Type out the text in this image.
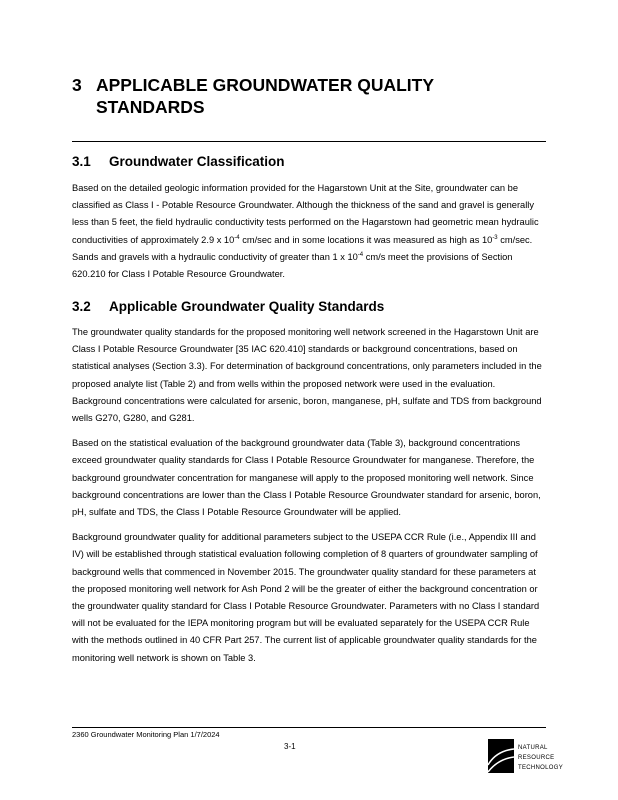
3 APPLICABLE GROUNDWATER QUALITY
STANDARDS
3.1 Groundwater Classification

Based on the detailed geologic information provided for the Hagarstown Unit at the Site, groundwater can be classified as Class I - Potable Resource Groundwater. Although the thickness of the sand and gravel is generally less than 5 feet, the field hydraulic conductivity tests performed on the Hagarstown had geometric mean hydraulic conductivities of approximately 2.9 x $10^{-4}$ cm/sec and in some locations it was measured as high as $10^{-3}$ cm/sec. Sands and gravels with a hydraulic conductivity of greater than 1 x $10^{-4}$ cm/s meet the provisions of Section 620.210 for Class I Potable Resource Groundwater.

3.2 Applicable Groundwater Quality Standards

The groundwater quality standards for the proposed monitoring well network screened in the Hagarstown Unit are Class I Potable Resource Groundwater [35 IAC 620.410] standards or background concentrations, based on statistical analyses (Section 3.3). For determination of background concentrations, only parameters included in the proposed analyte list (Table 2) and from wells within the proposed network were used in the evaluation. Background concentrations were calculated for arsenic, boron, manganese, pH, sulfate and TDS from background wells G270, G280, and G281.

Based on the statistical evaluation of the background groundwater data (Table 3), background concentrations exceed groundwater quality standards for Class I Potable Resource Groundwater for manganese. Therefore, the background groundwater concentration for manganese will apply to the proposed monitoring well network. Since background concentrations are lower than the Class I Potable Resource Groundwater standard for arsenic, boron, pH, sulfate and TDS, the Class I Potable Resource Groundwater will be applied.

Background groundwater quality for additional parameters subject to the USEPA CCR Rule (i.e., Appendix III and IV) will be established through statistical evaluation following completion of 8 quarters of groundwater sampling of background wells that commenced in November 2015. The groundwater quality standard for these parameters at the proposed monitoring well network for Ash Pond 2 will be the greater of either the background concentration or the groundwater quality standard for Class I Potable Resource Groundwater. Parameters with no Class I standard will not be evaluated for the IEPA monitoring program but will be evaluated separately for the USEPA CCR Rule with the methods outlined in 40 CFR Part 257. The current list of applicable groundwater quality standards for the monitoring well network is shown on Table 3.

2360 Groundwater Monitoring Plan 1/7/2024
3-1	NATURAL
RESOURCE
TECHNOLOGY
